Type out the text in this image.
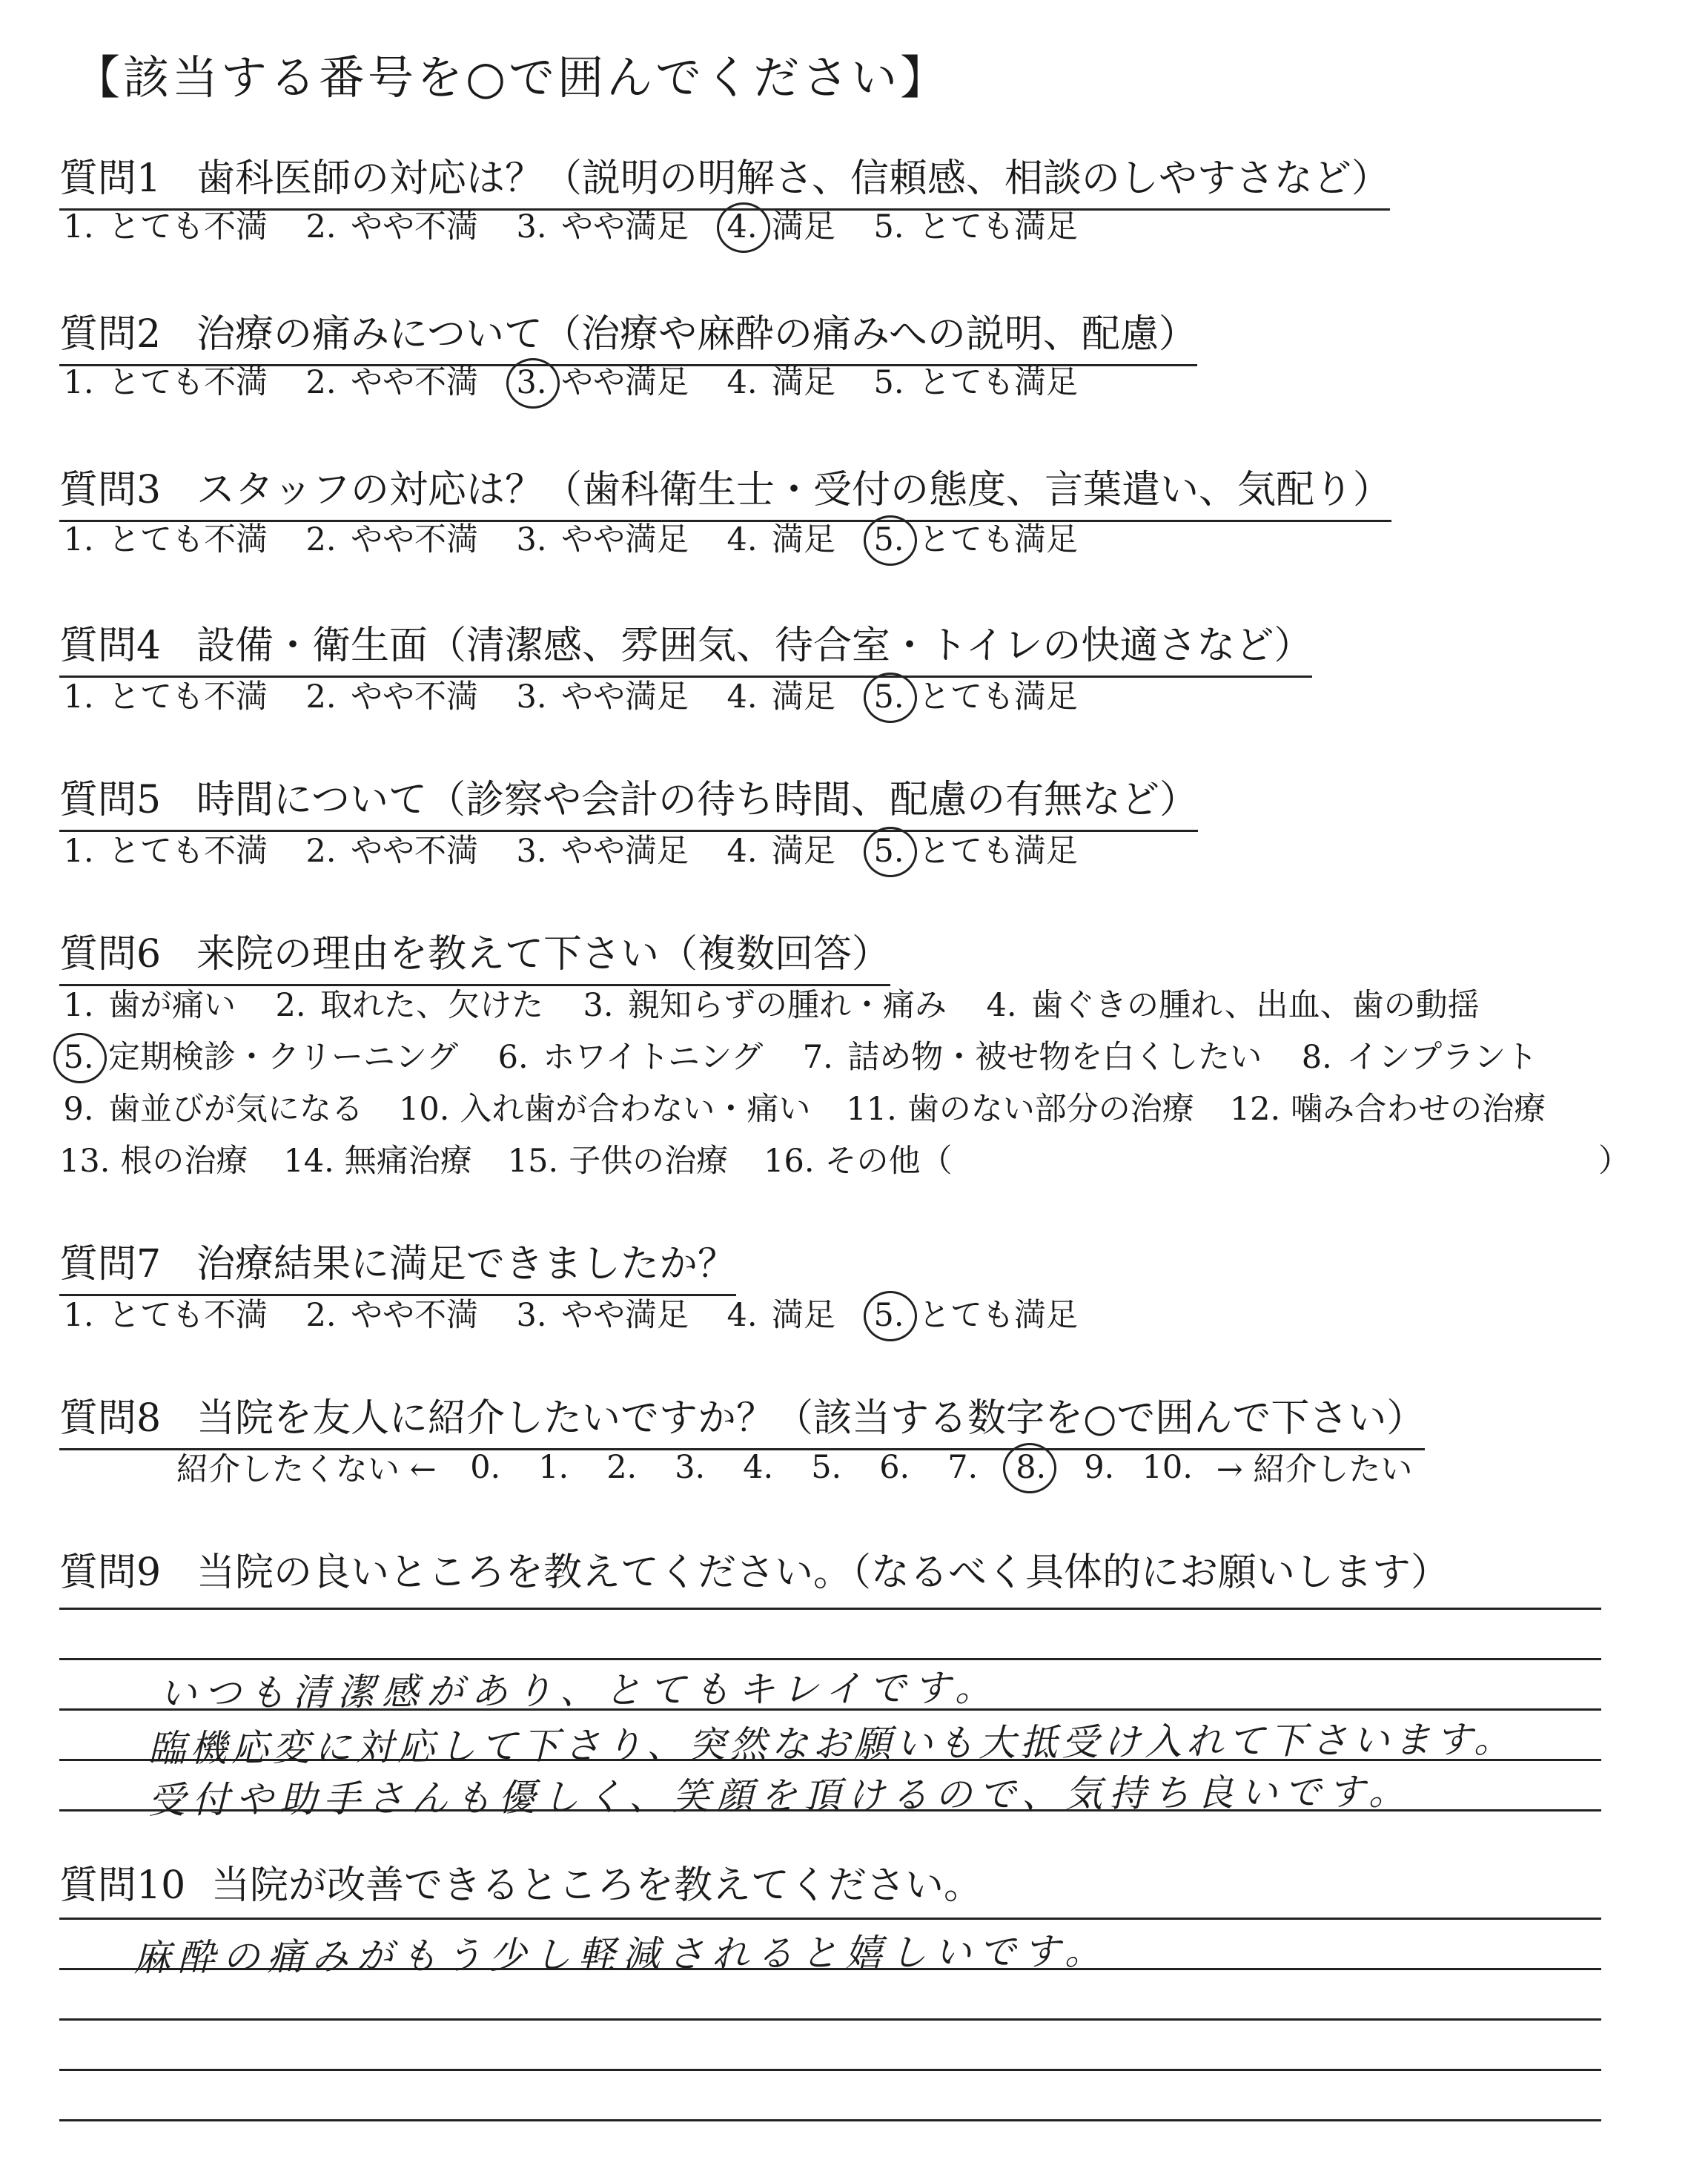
【該当する番号を○で囲んでください】
質問1 歯科医師の対応は？（説明の明解さ、信頼感、相談のしやすさなど）
1. とても不満 2. やや不満 3. やや満足 4. 満足 5. とても満足
質問2 治療の痛みについて（治療や麻酔の痛みへの説明、配慮）
1. とても不満 2. やや不満 3. やや満足 4. 満足 5. とても満足
質問3 スタッフの対応は？（歯科衛生士・受付の態度、言葉遣い、気配り）
1. とても不満 2. やや不満 3. やや満足 4. 満足 5. とても満足
質問4 設備・衛生面（清潔感、雰囲気、待合室・トイレの快適さなど）
1. とても不満 2. やや不満 3. やや満足 4. 満足 5. とても満足
質問5 時間について（診察や会計の待ち時間、配慮の有無など）
1. とても不満 2. やや不満 3. やや満足 4. 満足 5. とても満足
質問6 来院の理由を教えて下さい（複数回答）
1. 歯が痛い 2. 取れた、欠けた 3. 親知らずの腫れ・痛み 4. 歯ぐきの腫れ、出血、歯の動揺
5. 定期検診・クリーニング 6. ホワイトニング 7. 詰め物・被せ物を白くしたい 8. インプラント
9. 歯並びが気になる 10. 入れ歯が合わない・痛い 11. 歯のない部分の治療 12. 噛み合わせの治療
13. 根の治療 14. 無痛治療 15. 子供の治療 16. その他（	）
質問7 治療結果に満足できましたか？
1. とても不満 2. やや不満 3. やや満足 4. 満足 5. とても満足
質問8 当院を友人に紹介したいですか？（該当する数字を○で囲んで下さい）
紹介したくない ←	0. 1. 2. 3. 4. 5. 6. 7. 8. 9. 10. → 紹介したい
質問9 当院の良いところを教えてください。（なるべく具体的にお願いします）
いつも清潔感があり、とてもキレイです。
臨機応変に対応して下さり、突然なお願いも大抵受け入れて下さいます。
受付や助手さんも優しく、笑顔を頂けるので、気持ち良いです。
質問10 当院が改善できるところを教えてください。
麻酔の痛みがもう少し軽減されると嬉しいです。
